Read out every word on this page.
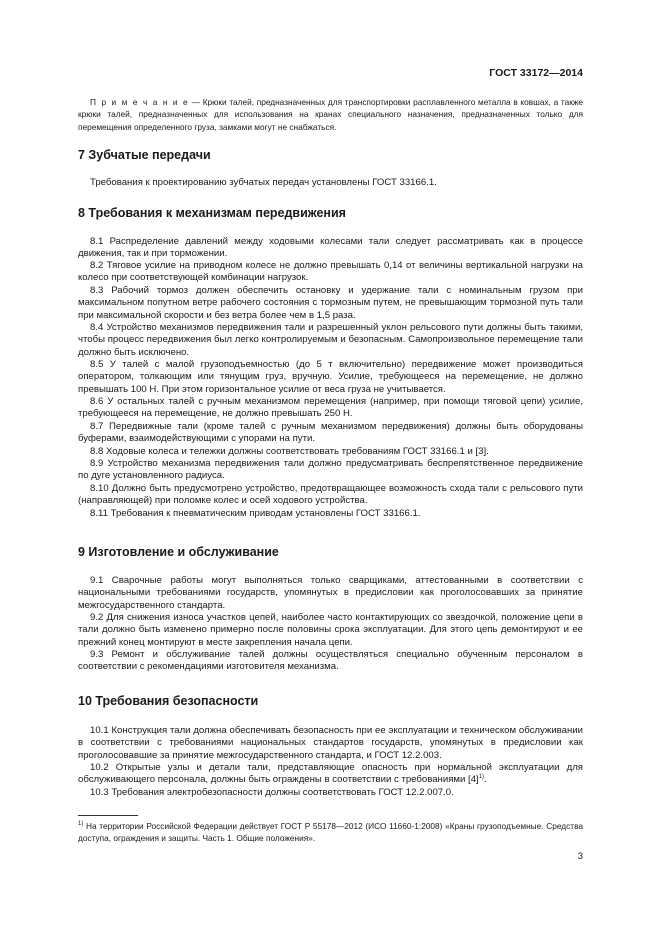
ГОСТ 33172—2014
П р и м е ч а н и е — Крюки талей, предназначенных для транспортировки расплавленного металла в ковшах, а также крюки талей, предназначенных для использования на кранах специального назначения, предназначенных только для перемещения определенного груза, замками могут не снабжаться.
7 Зубчатые передачи
Требования к проектированию зубчатых передач установлены ГОСТ 33166.1.
8 Требования к механизмам передвижения
8.1 Распределение давлений между ходовыми колесами тали следует рассматривать как в процессе движения, так и при торможении.
8.2 Тяговое усилие на приводном колесе не должно превышать 0,14 от величины вертикальной нагрузки на колесо при соответствующей комбинации нагрузок.
8.3 Рабочий тормоз должен обеспечить остановку и удержание тали с номинальным грузом при максимальном попутном ветре рабочего состояния с тормозным путем, не превышающим тормозной путь тали при максимальной скорости и без ветра более чем в 1,5 раза.
8.4 Устройство механизмов передвижения тали и разрешенный уклон рельсового пути должны быть такими, чтобы процесс передвижения был легко контролируемым и безопасным. Самопроизвольное перемещение тали должно быть исключено.
8.5 У талей с малой грузоподъемностью (до 5 т включительно) передвижение может производиться оператором, толкающим или тянущим груз, вручную. Усилие, требующееся на перемещение, не должно превышать 100 Н. При этом горизонтальное усилие от веса груза не учитывается.
8.6 У остальных талей с ручным механизмом перемещения (например, при помощи тяговой цепи) усилие, требующееся на перемещение, не должно превышать 250 Н.
8.7 Передвижные тали (кроме талей с ручным механизмом передвижения) должны быть оборудованы буферами, взаимодействующими с упорами на пути.
8.8 Ходовые колеса и тележки должны соответствовать требованиям ГОСТ 33166.1 и [3].
8.9 Устройство механизма передвижения тали должно предусматривать беспрепятственное передвижение по дуге установленного радиуса.
8.10 Должно быть предусмотрено устройство, предотвращающее возможность схода тали с рельсового пути (направляющей) при поломке колес и осей ходового устройства.
8.11 Требования к пневматическим приводам установлены ГОСТ 33166.1.
9 Изготовление и обслуживание
9.1 Сварочные работы могут выполняться только сварщиками, аттестованными в соответствии с национальными требованиями государств, упомянутых в предисловии как проголосовавших за принятие межгосударственного стандарта.
9.2 Для снижения износа участков цепей, наиболее часто контактирующих со звездочкой, положение цепи в тали должно быть изменено примерно после половины срока эксплуатации. Для этого цепь демонтируют и ее прежний конец монтируют в месте закрепления начала цепи.
9.3 Ремонт и обслуживание талей должны осуществляться специально обученным персоналом в соответствии с рекомендациями изготовителя механизма.
10 Требования безопасности
10.1 Конструкция тали должна обеспечивать безопасность при ее эксплуатации и техническом обслуживании в соответствии с требованиями национальных стандартов государств, упомянутых в предисловии как проголосовавшие за принятие межгосударственного стандарта, и ГОСТ 12.2.003.
10.2 Открытые узлы и детали тали, представляющие опасность при нормальной эксплуатации для обслуживающего персонала, должны быть ограждены в соответствии с требованиями $[4]^{1)}$.
10.3 Требования электробезопасности должны соответствовать ГОСТ 12.2.007.0.
$^{1)}$ На территории Российской Федерации действует ГОСТ Р 55178—2012 (ИСО 11660-1:2008) «Краны грузоподъемные. Средства доступа, ограждения и защиты. Часть 1. Общие положения».
3
